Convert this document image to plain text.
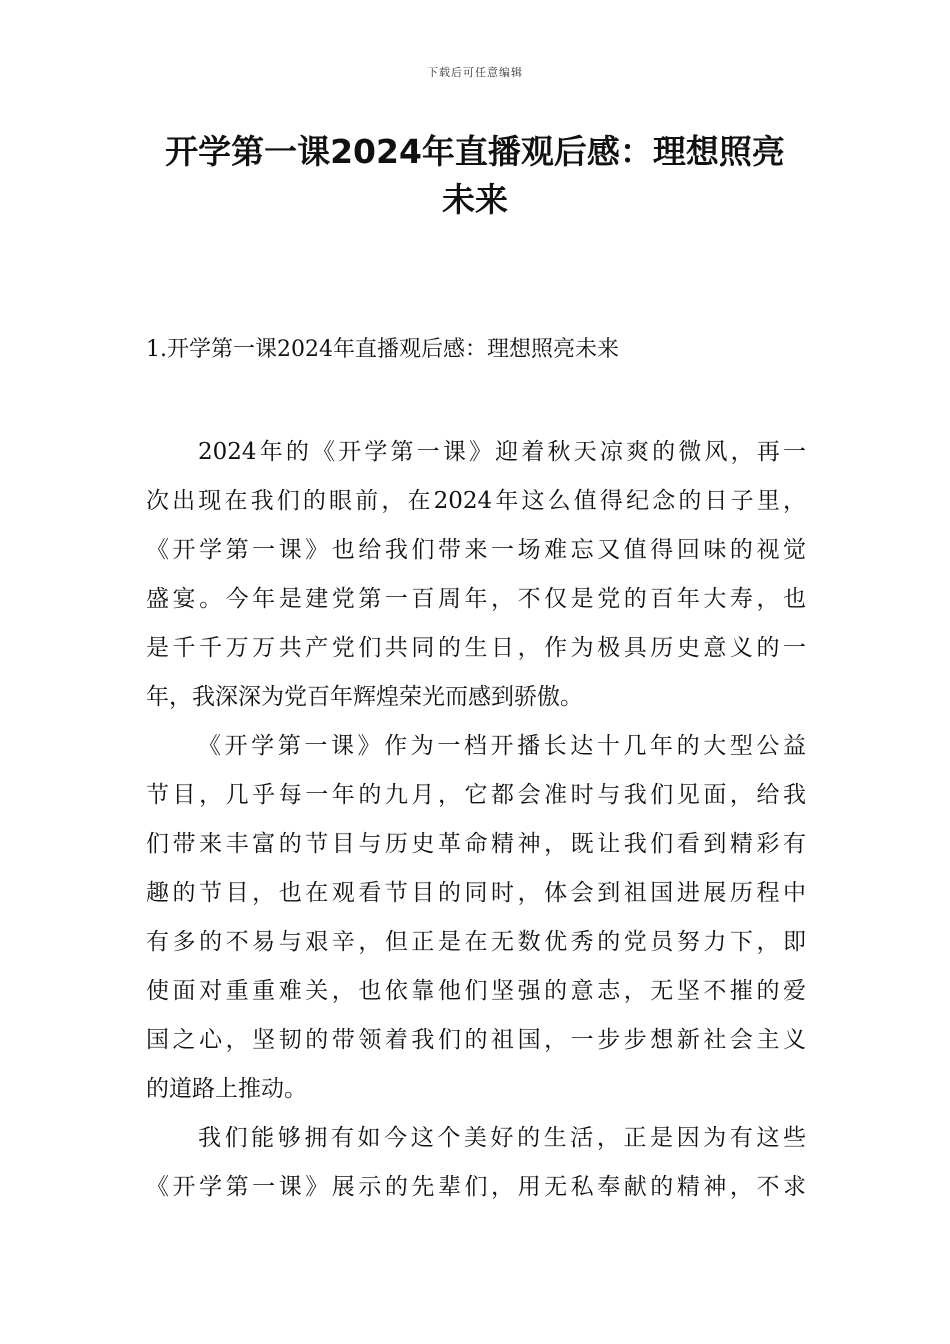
下载后可任意编辑
开学第一课2024年直播观后感：理想照亮
未来
1.开学第一课2024年直播观后感：理想照亮未来
2024年的《开学第一课》迎着秋天凉爽的微风，再一
次出现在我们的眼前，在2024年这么值得纪念的日子里，
《开学第一课》也给我们带来一场难忘又值得回味的视觉
盛宴。今年是建党第一百周年，不仅是党的百年大寿，也
是千千万万共产党们共同的生日，作为极具历史意义的一
年，我深深为党百年辉煌荣光而感到骄傲。
《开学第一课》作为一档开播长达十几年的大型公益
节目，几乎每一年的九月，它都会准时与我们见面，给我
们带来丰富的节目与历史革命精神，既让我们看到精彩有
趣的节目，也在观看节目的同时，体会到祖国进展历程中
有多的不易与艰辛，但正是在无数优秀的党员努力下，即
使面对重重难关，也依靠他们坚强的意志，无坚不摧的爱
国之心，坚韧的带领着我们的祖国，一步步想新社会主义
的道路上推动。
我们能够拥有如今这个美好的生活，正是因为有这些
《开学第一课》展示的先辈们，用无私奉献的精神，不求
